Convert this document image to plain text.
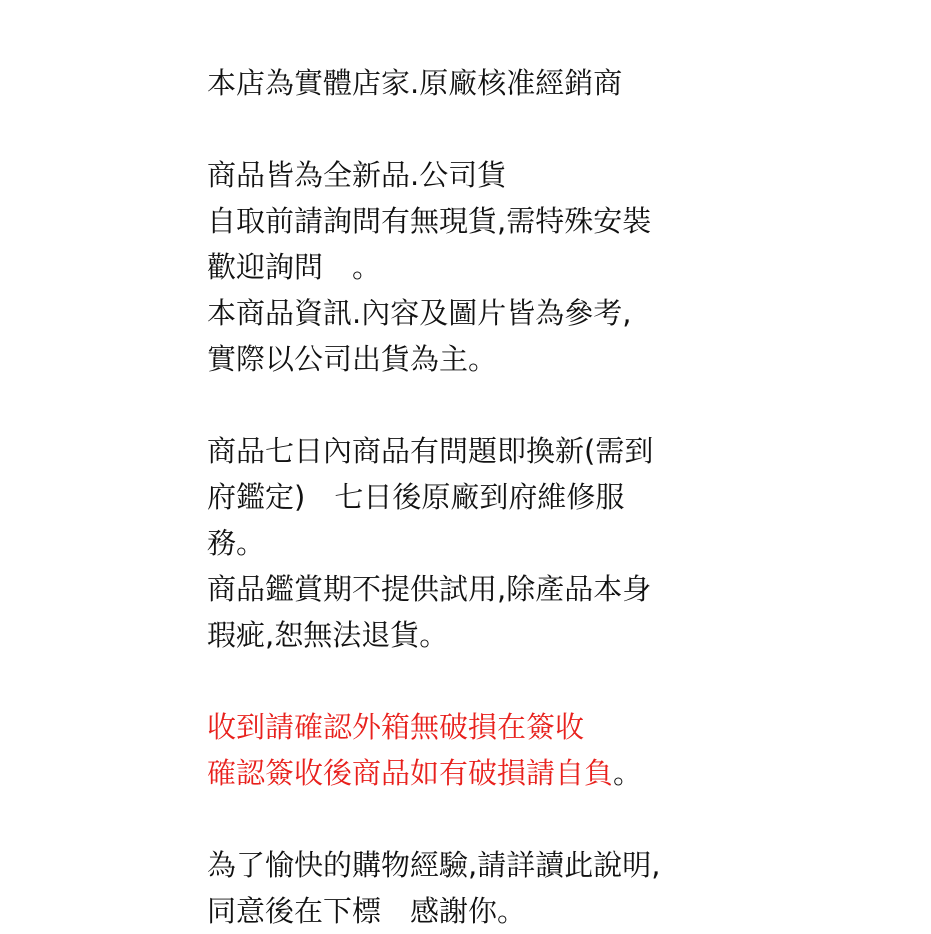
本店為實體店家.原廠核准經銷商
商品皆為全新品.公司貨
自取前請詢問有無現貨,需特殊安裝
歡迎詢問　。
本商品資訊.內容及圖片皆為參考,
實際以公司出貨為主。
商品七日內商品有問題即換新(需到
府鑑定)　七日後原廠到府維修服
務。
商品鑑賞期不提供試用,除產品本身
瑕疵,恕無法退貨。
收到請確認外箱無破損在簽收
確認簽收後商品如有破損請自負。
為了愉快的購物經驗,請詳讀此說明,
同意後在下標　感謝你。
